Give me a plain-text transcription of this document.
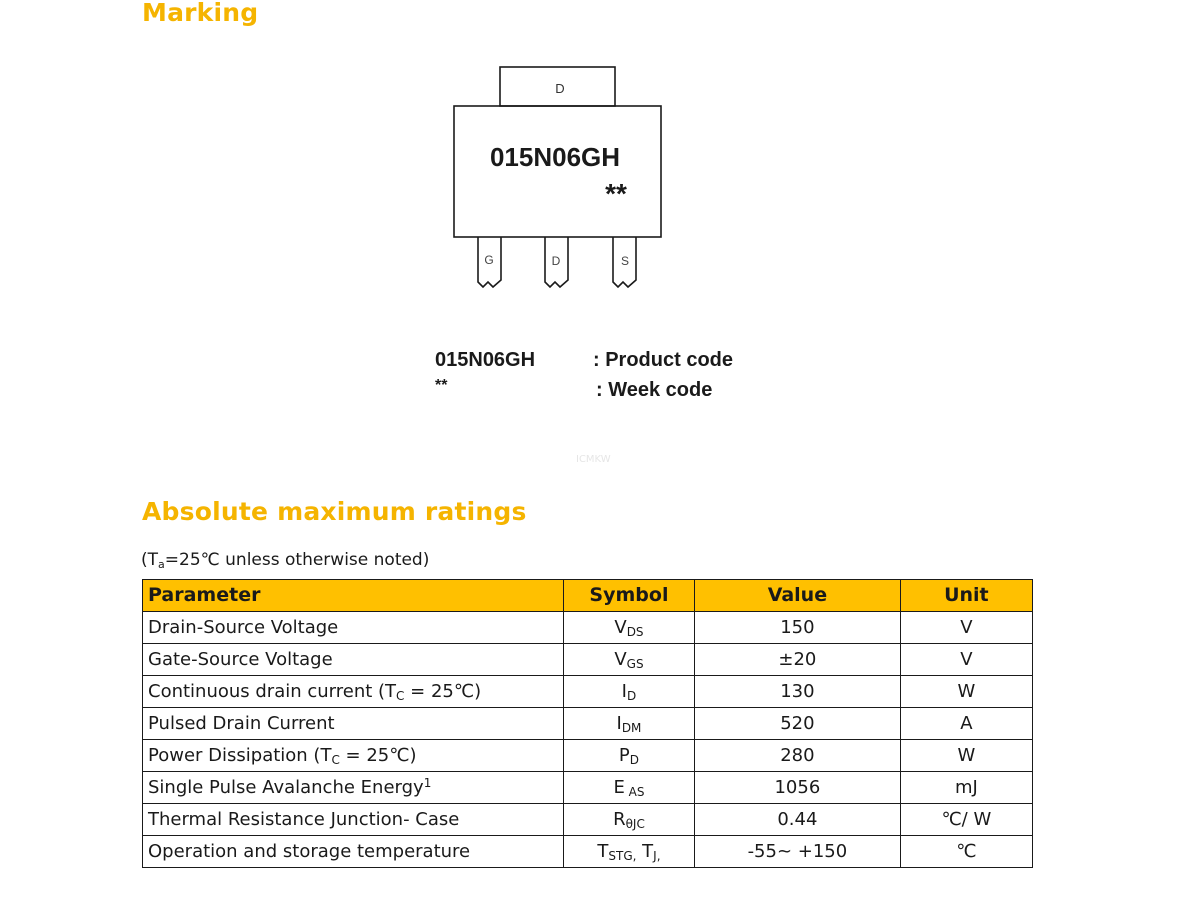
Marking
D
015N06GH
**
G	D	S
015N06GH	: Product code
**	: Week code
ICMKW
Absolute maximum ratings
($T_a=25℃$ unless otherwise noted)
Parameter	Symbol	Value	Unit
Drain-Source Voltage	$V_{DS}$	150	V
Gate-Source Voltage	$V_{GS}$	±20	V
Continuous drain current ($T_C$ = 25℃)	$I_D$	130	W
Pulsed Drain Current	$I_{DM}$	520	A
Power Dissipation ($T_C$ = 25℃)	$P_D$	280	W
Single Pulse Avalanche Energy$^1$	E $_{AS}$	1056	mJ
Thermal Resistance Junction- Case	$R_{\theta JC}$	0.44	℃/ W
Operation and storage temperature	$T_{STG,}$ $T_{J,}$	-55~ +150	℃
